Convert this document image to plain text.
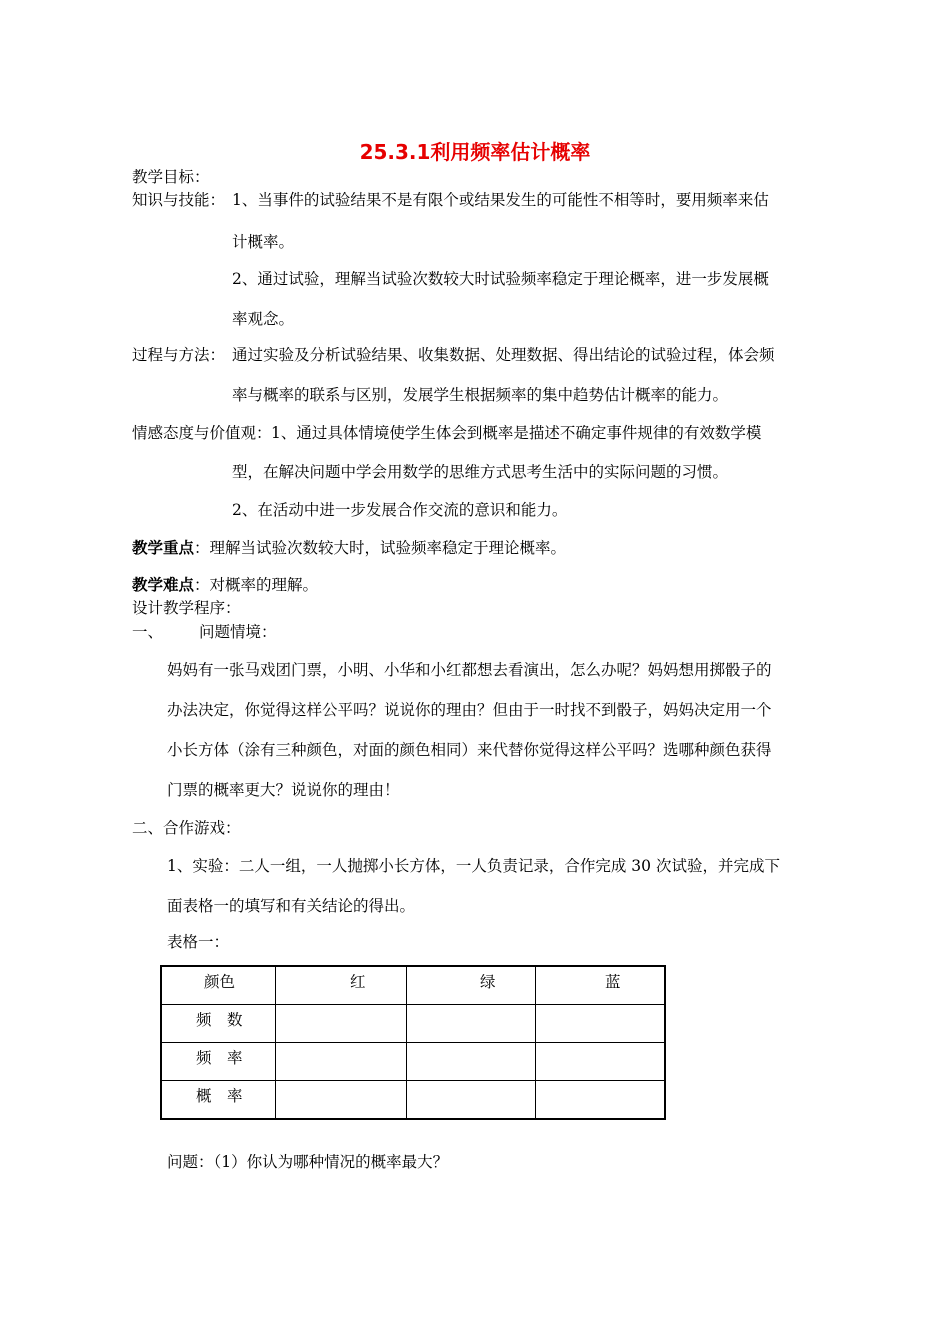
25.3.1利用频率估计概率
教学目标：
知识与技能： 1、当事件的试验结果不是有限个或结果发生的可能性不相等时，要用频率来估
计概率。
2、通过试验，理解当试验次数较大时试验频率稳定于理论概率，进一步发展概
率观念。
过程与方法： 通过实验及分析试验结果、收集数据、处理数据、得出结论的试验过程，体会频
率与概率的联系与区别，发展学生根据频率的集中趋势估计概率的能力。
情感态度与价值观： 1、通过具体情境使学生体会到概率是描述不确定事件规律的有效数学模
型，在解决问题中学会用数学的思维方式思考生活中的实际问题的习惯。
2、在活动中进一步发展合作交流的意识和能力。
教学重点：理解当试验次数较大时，试验频率稳定于理论概率。
教学难点：对概率的理解。
设计教学程序：
一、 问题情境：
妈妈有一张马戏团门票，小明、小华和小红都想去看演出，怎么办呢？妈妈想用掷骰子的
办法决定，你觉得这样公平吗？说说你的理由？但由于一时找不到骰子，妈妈决定用一个
小长方体（涂有三种颜色，对面的颜色相同）来代替你觉得这样公平吗？选哪种颜色获得
门票的概率更大？说说你的理由！
二、合作游戏：
1、实验：二人一组，一人抛掷小长方体，一人负责记录，合作完成 30 次试验，并完成下
面表格一的填写和有关结论的得出。
表格一：
颜色	红	绿	蓝

频　数			

频　率			

概　率			

问题：（1）你认为哪种情况的概率最大？
